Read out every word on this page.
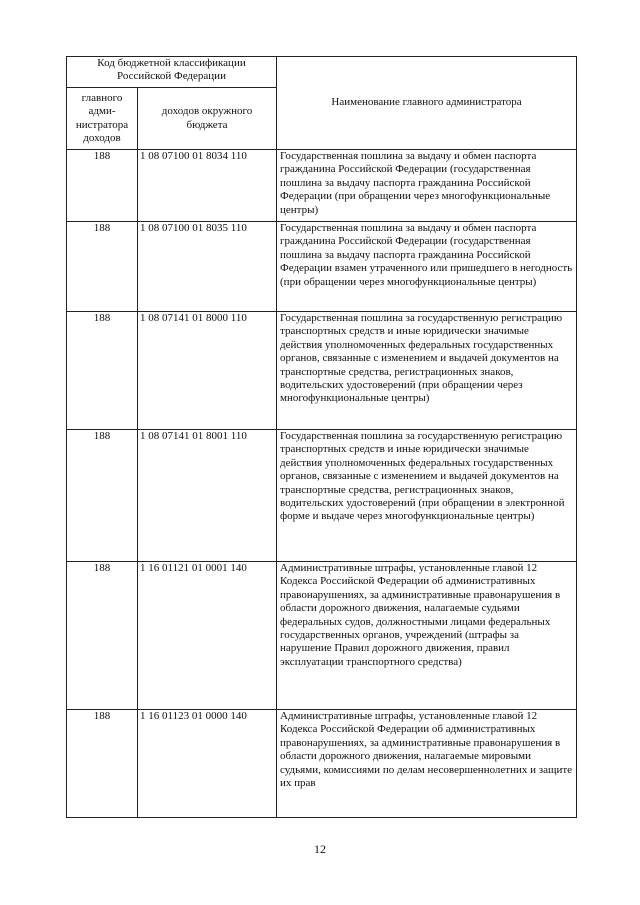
Код бюджетной классификации Российской Федерации		Наименование главного администратора
главного адми-нистратора доходов	доходов окружного бюджета	
188	1 08 07100 01 8034 110	Государственная пошлина за выдачу и обмен паспорта гражданина Российской Федерации (государственная пошлина за выдачу паспорта гражданина Российской Федерации (при обращении через многофункциональные центры)
188	1 08 07100 01 8035 110	Государственная пошлина за выдачу и обмен паспорта гражданина Российской Федерации (государственная пошлина за выдачу паспорта гражданина Российской Федерации взамен утраченного или пришедшего в негодность (при обращении через многофункциональные центры)
188	1 08 07141 01 8000 110	Государственная пошлина за государственную регистрацию транспортных средств и иные юридически значимые действия уполномоченных федеральных государственных органов, связанные с изменением и выдачей документов на транспортные средства, регистрационных знаков, водительских удостоверений (при обращении через многофункциональные центры)
188	1 08 07141 01 8001 110	Государственная пошлина за государственную регистрацию транспортных средств и иные юридически значимые действия уполномоченных федеральных государственных органов, связанные с изменением и выдачей документов на транспортные средства, регистрационных знаков, водительских удостоверений (при обращении в электронной форме и выдаче через многофункциональные центры)
188	1 16 01121 01 0001 140	Административные штрафы, установленные главой 12 Кодекса Российской Федерации об административных правонарушениях, за административные правонарушения в области дорожного движения, налагаемые судьями федеральных судов, должностными лицами федеральных государственных органов, учреждений (штрафы за нарушение Правил дорожного движения, правил эксплуатации транспортного средства)
188	1 16 01123 01 0000 140	Административные штрафы, установленные главой 12 Кодекса Российской Федерации об административных правонарушениях, за административные правонарушения в области дорожного движения, налагаемые мировыми судьями, комиссиями по делам несовершеннолетних и защите их прав
12
